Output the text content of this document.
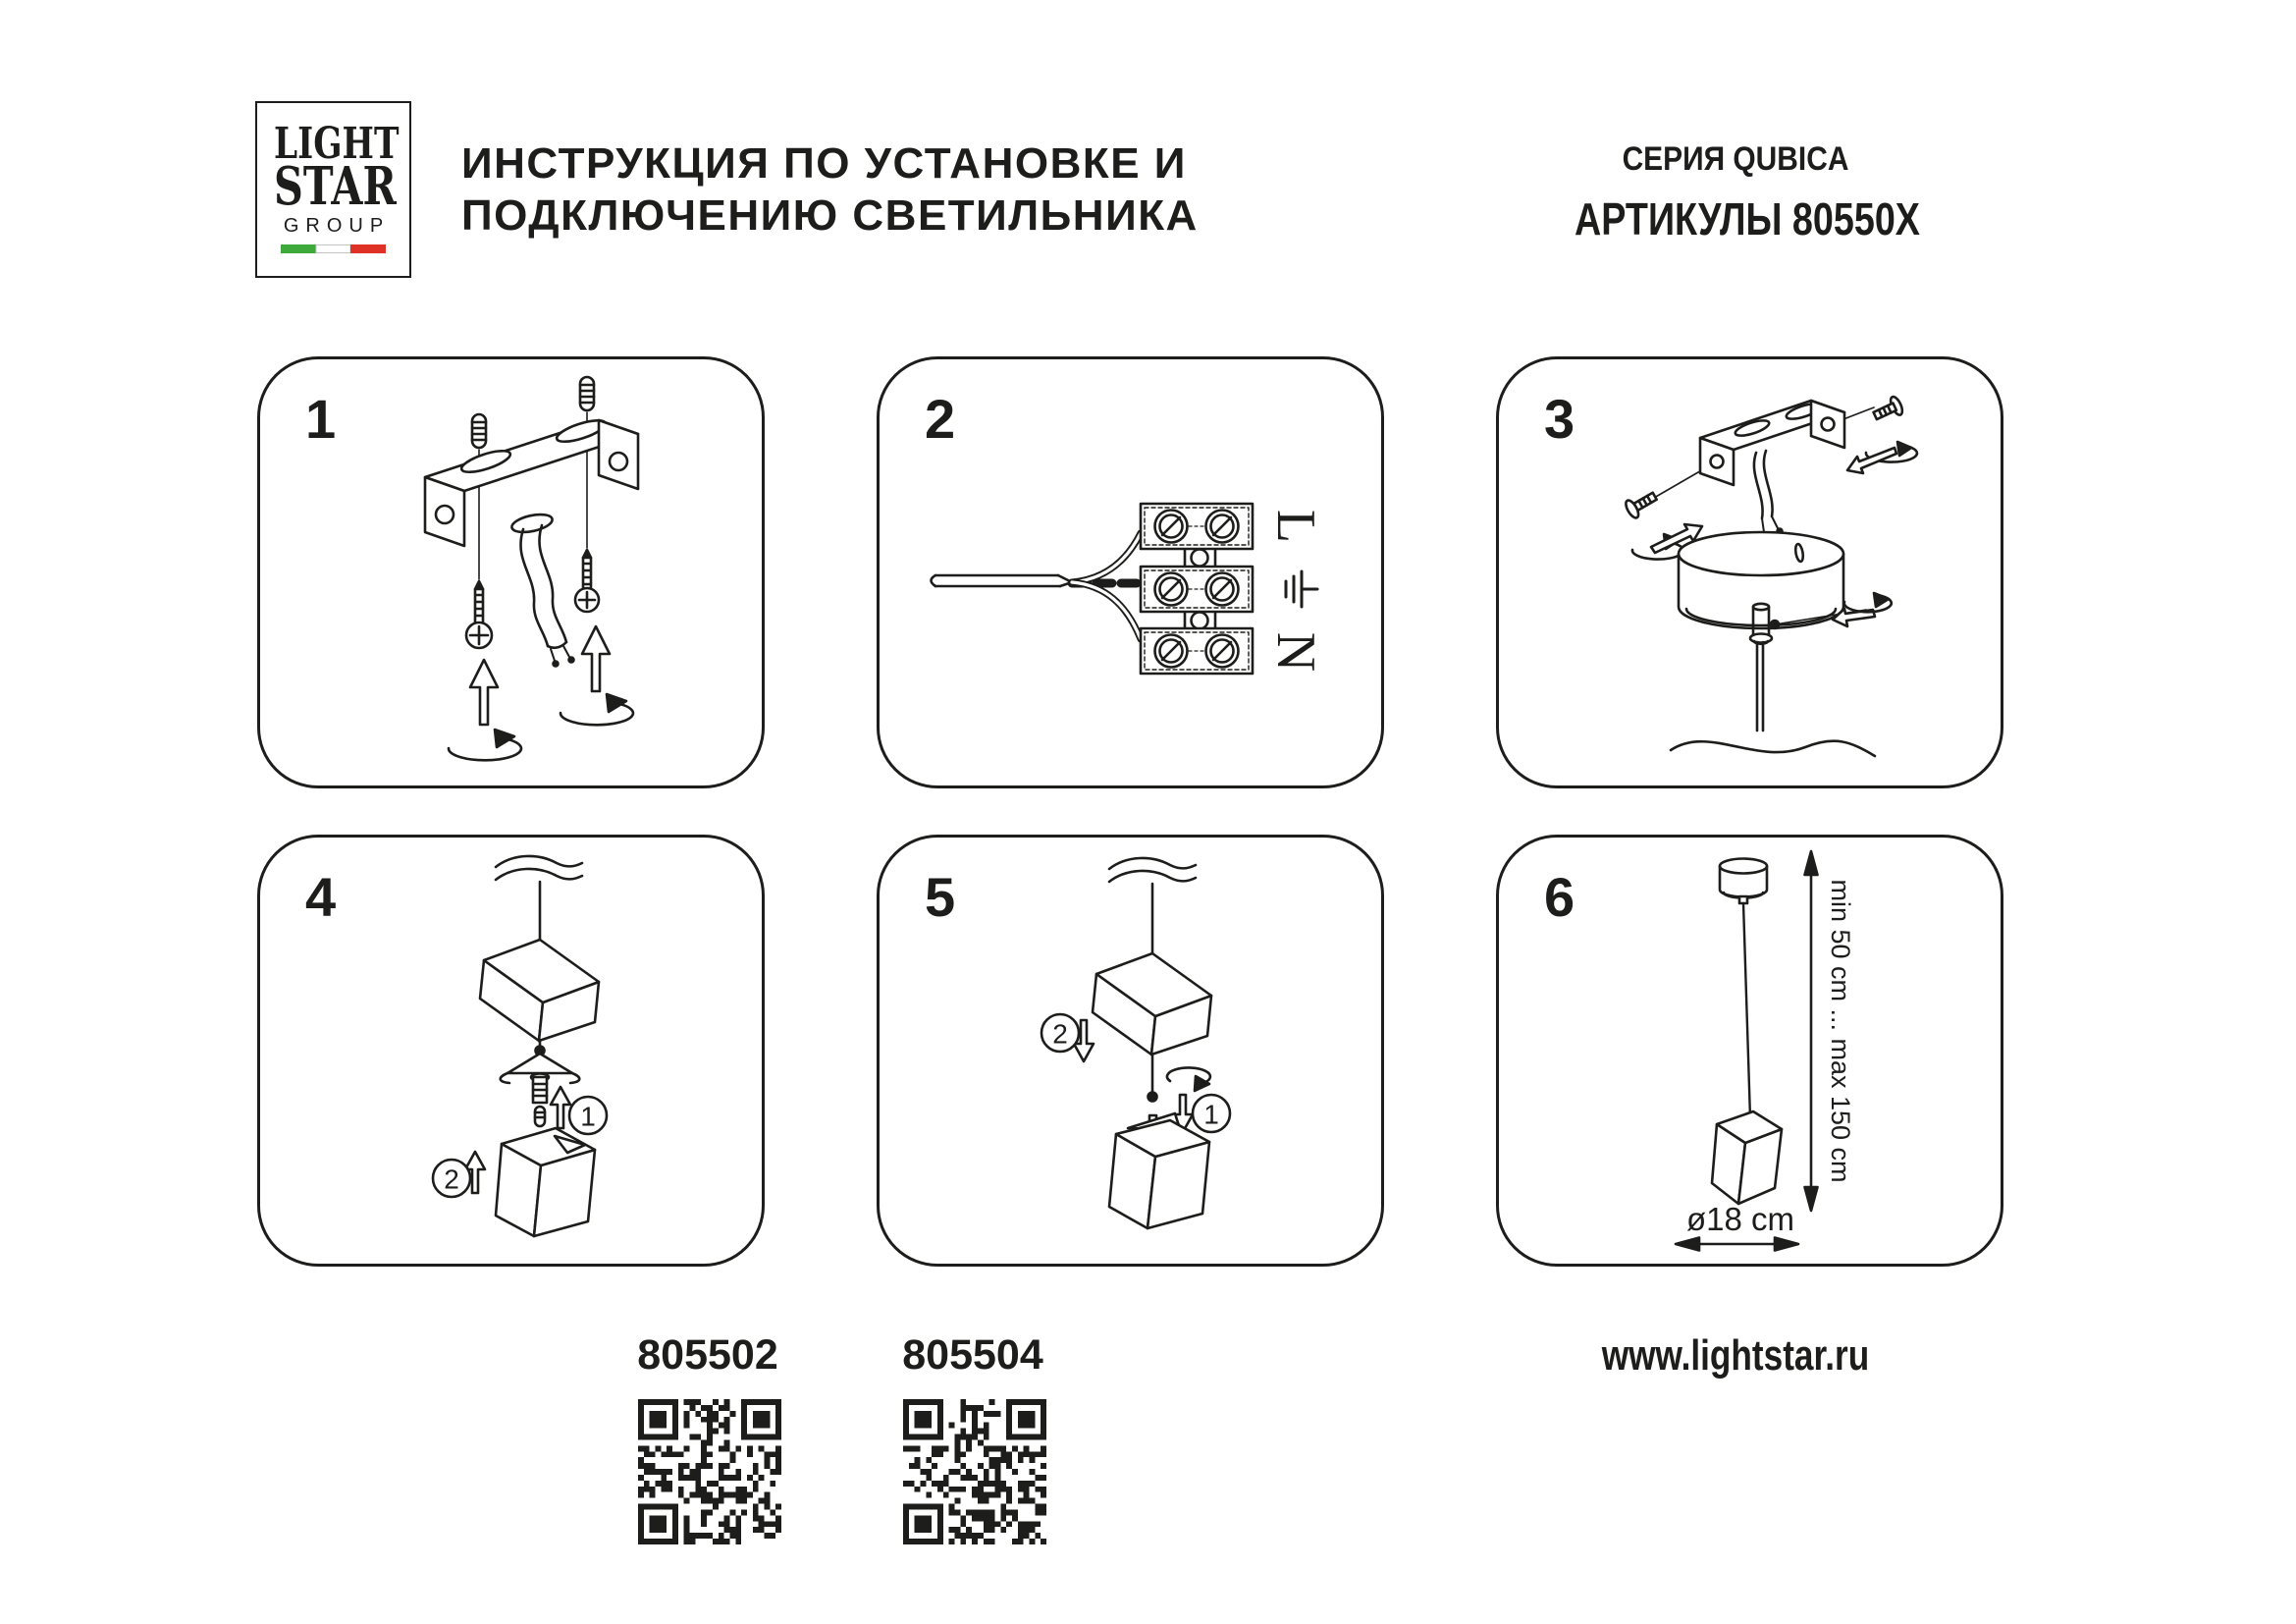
LIGHT
STAR
GROUP
ИНСТРУКЦИЯ ПО УСТАНОВКЕ И
ПОДКЛЮЧЕНИЮ СВЕТИЛЬНИКА
СЕРИЯ QUBICA
АРТИКУЛЫ 80550X
1	2
L
N
3
4
1
2
5
2
1
6	min 50 cm ... max 150 cm
ø18 cm
805502	805504	www.lightstar.ru
